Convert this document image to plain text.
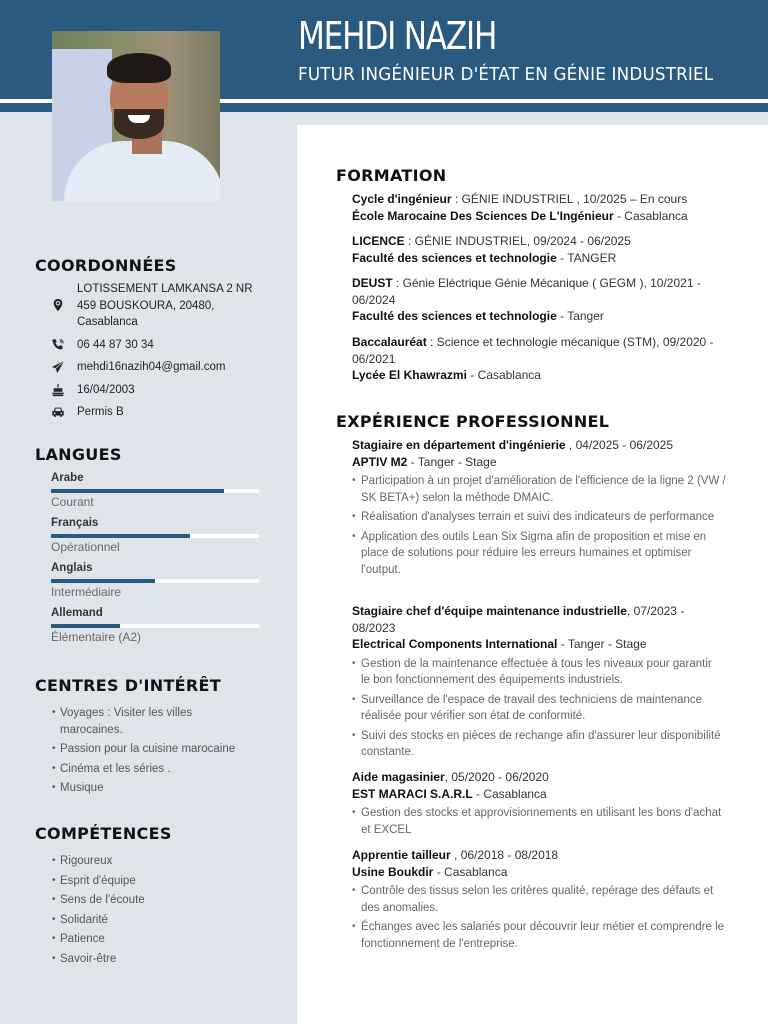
MEHDI NAZIH
FUTUR INGÉNIEUR D'ÉTAT EN GÉNIE INDUSTRIEL
COORDONNÉES
LOTISSEMENT LAMKANSA 2 NR 459 BOUSKOURA, 20480, Casablanca
06 44 87 30 34
mehdi16nazih04@gmail.com
16/04/2003
Permis B
LANGUES
Arabe
Courant
Français
Opérationnel
Anglais
Intermédiaire
Allemand
Élémentaire (A2)
CENTRES D'INTÉRÊT
• Voyages : Visiter les villes marocaines.
• Passion pour la cuisine marocaine
• Cinéma et les séries .
• Musique
COMPÉTENCES
• Rigoureux
• Esprit d'équipe
• Sens de l'écoute
• Solidarité
• Patience
• Savoir-être
FORMATION
Cycle d'ingénieur : GÉNIE INDUSTRIEL , 10/2025 – En cours
École Marocaine Des Sciences De L'Ingénieur - Casablanca
LICENCE : GÉNIE INDUSTRIEL, 09/2024 - 06/2025
Faculté des sciences et technologie - TANGER
DEUST : Génie Eléctrique Génie Mécanique ( GEGM ), 10/2021 - 06/2024
Faculté des sciences et technologie - Tanger
Baccalauréat : Science et technologie mécanique (STM), 09/2020 - 06/2021
Lycée El Khawrazmi - Casablanca
EXPÉRIENCE PROFESSIONNEL
Stagiaire en département d'ingénierie , 04/2025 - 06/2025
APTIV M2 - Tanger - Stage
• Participation à un projet d'amélioration de l'efficience de la ligne 2 (VW / SK BETA+) selon la méthode DMAIC.
• Réalisation d'analyses terrain et suivi des indicateurs de performance
• Application des outils Lean Six Sigma afin de proposition et mise en place de solutions pour réduire les erreurs humaines et optimiser l'output.
Stagiaire chef d'équipe maintenance industrielle, 07/2023 - 08/2023
Electrical Components International - Tanger - Stage
• Gestion de la maintenance effectuée à tous les niveaux pour garantir le bon fonctionnement des équipements industriels.
• Surveillance de l'espace de travail des techniciens de maintenance réalisée pour vérifier son état de conformité.
• Suivi des stocks en pièces de rechange afin d'assurer leur disponibilité constante.
Aide magasinier, 05/2020 - 06/2020
EST MARACI S.A.R.L - Casablanca
• Gestion des stocks et approvisionnements en utilisant les bons d'achat et EXCEL
Apprentie tailleur , 06/2018 - 08/2018
Usine Boukdir - Casablanca
• Contrôle des tissus selon les critères qualité, repérage des défauts et des anomalies.
• Échanges avec les salariés pour découvrir leur métier et comprendre le fonctionnement de l'entreprise.
